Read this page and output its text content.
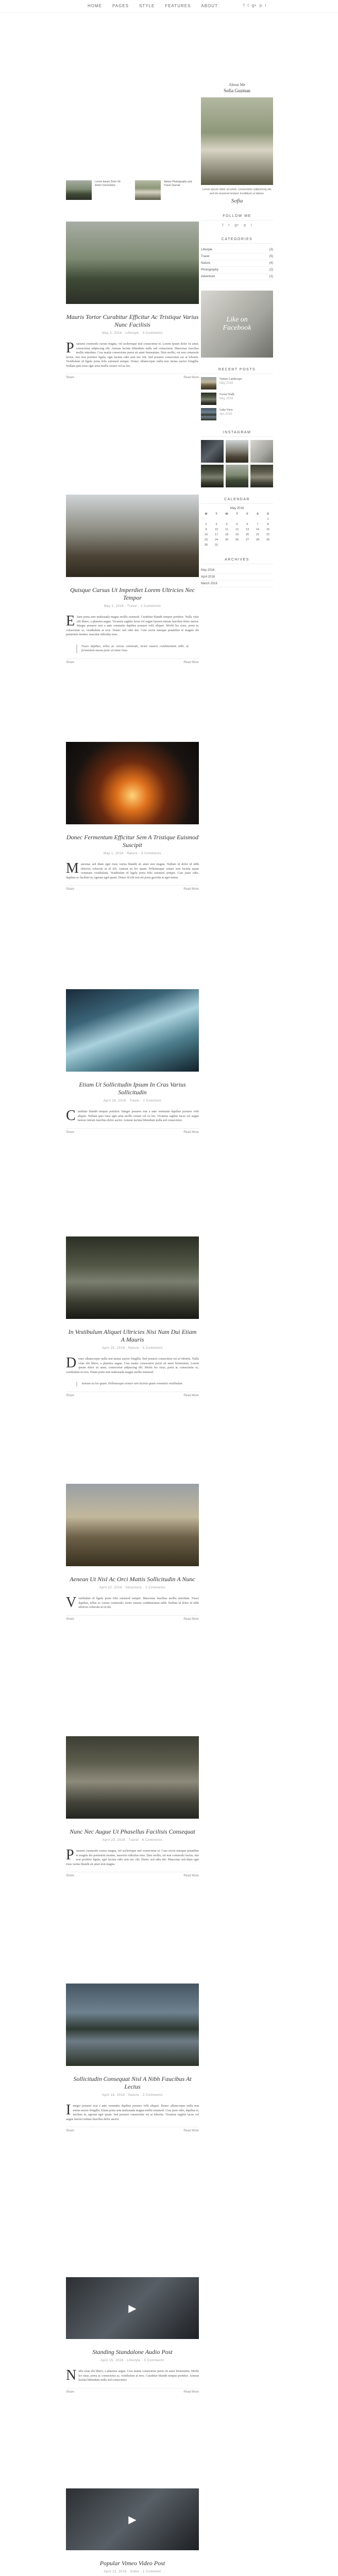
HOME	PAGES	STYLE	FEATURES	ABOUT	f t g+ p i
Lorem Ipsum Dolor Sit Amet Consectetur
Nature Photography and Travel Journal
About Me
Sofia Guzman
Lorem ipsum dolor sit amet, consectetur adipisicing elit, sed do eiusmod tempor incididunt ut labore.
Sofia
FOLLOW ME
f t g+ p i
CATEGORIES
Lifestyle	(3)
Travel	(5)
Nature	(4)
Photography	(2)
Adventure	(1)
Like on Facebook
RECENT POSTS
Nature Landscape
May 2016
Forest Walk
May 2016
Lake View
Apr 2016
INSTAGRAM
CALENDAR
May 2016
M	T	W	T	F	S	S
						1
2	3	4	5	6	7	8
9	10	11	12	13	14	15
16	17	18	19	20	21	22
23	24	25	26	27	28	29
30	31					
ARCHIVES
May 2016
April 2016
March 2016
Mauris Tortor Curabitur Efficitur Ac Tristique Varius Nunc Facilisis
May 3, 2016 · Lifestyle · 4 Comments
Praesent commodo cursus magna, vel scelerisque nisl consectetur et. Lorem ipsum dolor sit amet, consectetur adipiscing elit. Aenean lacinia bibendum nulla sed consectetur. Maecenas faucibus mollis interdum. Cras mattis consectetur purus sit amet fermentum. Duis mollis, est non commodo luctus, nisi erat porttitor ligula, eget lacinia odio sem nec elit. Sed posuere consectetur est at lobortis. Vestibulum id ligula porta felis euismod semper. Donec ullamcorper nulla non metus auctor fringilla. Nullam quis risus eget urna mollis ornare vel eu leo.
Share	Read More
Quisque Cursus Ut Imperdiet Lorem Ultricies Nec Tempor
May 2, 2016 · Travel · 2 Comments
Etiam porta sem malesuada magna mollis euismod. Curabitur blandit tempus porttitor. Nulla vitae elit libero, a pharetra augue. Vivamus sagittis lacus vel augue laoreet rutrum faucibus dolor auctor. Integer posuere erat a ante venenatis dapibus posuere velit aliquet. Morbi leo risus, porta ac consectetur ac, vestibulum at eros. Donec sed odio dui. Cum sociis natoque penatibus et magnis dis parturient montes, nascetur ridiculus mus.
Fusce dapibus, tellus ac cursus commodo, tortor mauris condimentum nibh, ut fermentum massa justo sit amet risus.
Share	Read More
Donec Fermentum Efficitur Sem A Tristique Euismod Suscipit
May 1, 2016 · Nature · 3 Comments
Maecenas sed diam eget risus varius blandit sit amet non magna. Nullam id dolor id nibh ultricies vehicula ut id elit. Aenean eu leo quam. Pellentesque ornare sem lacinia quam venenatis vestibulum. Vestibulum id ligula porta felis euismod semper. Cras justo odio, dapibus ac facilisis in, egestas eget quam. Donec id elit non mi porta gravida at eget metus.
Share	Read More
Etiam Ut Sollicitudin Ipsum In Cras Varius Sollicitudin
April 28, 2016 · Travel · 1 Comment
Curabitur blandit tempus porttitor. Integer posuere erat a ante venenatis dapibus posuere velit aliquet. Nullam quis risus eget urna mollis ornare vel eu leo. Vivamus sagittis lacus vel augue laoreet rutrum faucibus dolor auctor. Aenean lacinia bibendum nulla sed consectetur.
Share	Read More
In Vestibulum Aliquet Ultricies Nisi Nam Dui Etiam A Mauris
April 25, 2016 · Nature · 5 Comments
Donec ullamcorper nulla non metus auctor fringilla. Sed posuere consectetur est at lobortis. Nulla vitae elit libero, a pharetra augue. Cras mattis consectetur purus sit amet fermentum. Lorem ipsum dolor sit amet, consectetur adipiscing elit. Morbi leo risus, porta ac consectetur ac, vestibulum at eros. Etiam porta sem malesuada magna mollis euismod.
Aenean eu leo quam. Pellentesque ornare sem lacinia quam venenatis vestibulum.
Share	Read More
Aenean Ut Nisl Ac Orci Mattis Sollicitudin A Nunc
April 22, 2016 · Adventure · 2 Comments
Vestibulum id ligula porta felis euismod semper. Maecenas faucibus mollis interdum. Fusce dapibus, tellus ac cursus commodo, tortor mauris condimentum nibh. Nullam id dolor id nibh ultricies vehicula ut id elit.
Share	Read More
Nunc Nec Augue Ut Phasellus Facilisis Consequat
April 20, 2016 · Travel · 6 Comments
Praesent commodo cursus magna, vel scelerisque nisl consectetur et. Cum sociis natoque penatibus et magnis dis parturient montes, nascetur ridiculus mus. Duis mollis, est non commodo luctus, nisi erat porttitor ligula, eget lacinia odio sem nec elit. Donec sed odio dui. Maecenas sed diam eget risus varius blandit sit amet non magna.
Share	Read More
Sollicitudin Consequat Nisl A Nibh Faucibus At Lectus
April 18, 2016 · Nature · 3 Comments
Integer posuere erat a ante venenatis dapibus posuere velit aliquet. Donec ullamcorper nulla non metus auctor fringilla. Etiam porta sem malesuada magna mollis euismod. Cras justo odio, dapibus ac facilisis in, egestas eget quam. Sed posuere consectetur est at lobortis. Vivamus sagittis lacus vel augue laoreet rutrum faucibus dolor auctor.
Share	Read More
▶
Standing Standalone Audio Post
April 15, 2016 · Lifestyle · 0 Comments
Nulla vitae elit libero, a pharetra augue. Cras mattis consectetur purus sit amet fermentum. Morbi leo risus, porta ac consectetur ac, vestibulum at eros. Curabitur blandit tempus porttitor. Aenean lacinia bibendum nulla sed consectetur.
Share	Read More
▶
Popular Vimeo Video Post
April 12, 2016 · Video · 1 Comment
